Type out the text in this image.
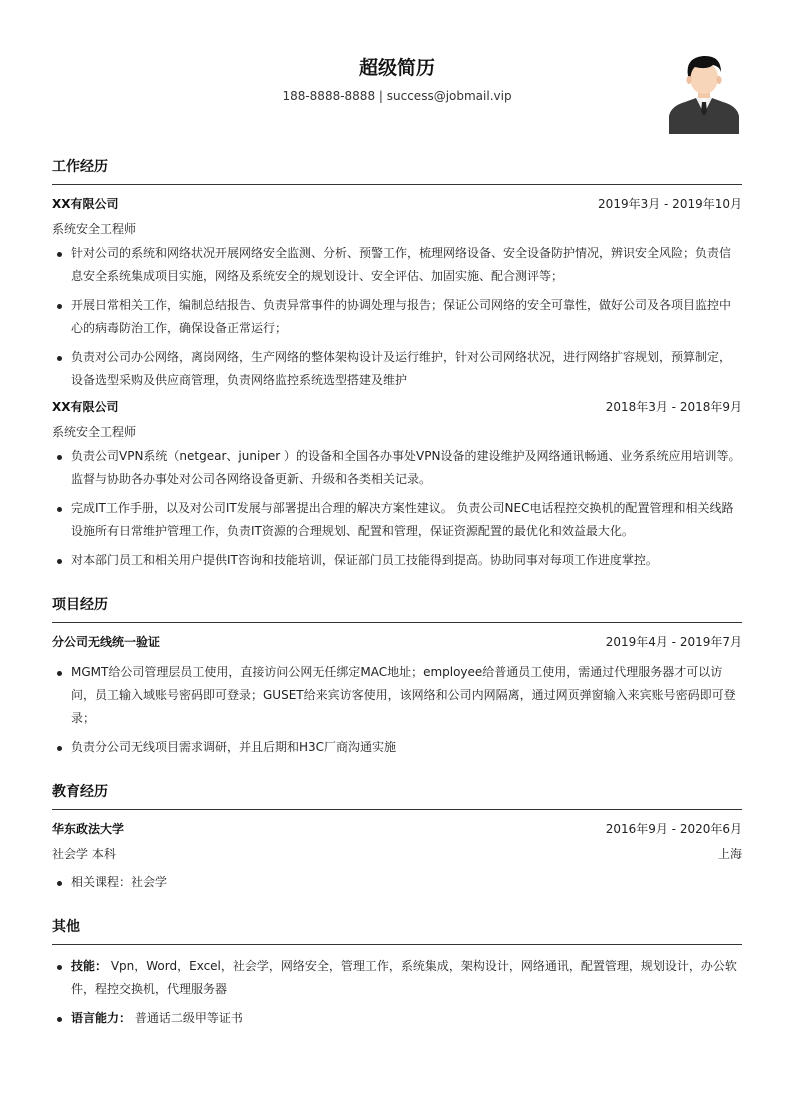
超级简历
188-8888-8888 | success@jobmail.vip
工作经历
XX有限公司	2019年3月 - 2019年10月
系统安全工程师
针对公司的系统和网络状况开展网络安全监测、分析、预警工作，梳理网络设备、安全设备防护情况，辨识安全风险；负责信息安全系统集成项目实施，网络及系统安全的规划设计、安全评估、加固实施、配合测评等；
开展日常相关工作，编制总结报告、负责异常事件的协调处理与报告；保证公司网络的安全可靠性，做好公司及各项目监控中心的病毒防治工作，确保设备正常运行；
负责对公司办公网络，离岗网络，生产网络的整体架构设计及运行维护，针对公司网络状况，进行网络扩容规划，预算制定，设备选型采购及供应商管理，负责网络监控系统选型搭建及维护
XX有限公司	2018年3月 - 2018年9月
系统安全工程师
负责公司VPN系统（netgear、juniper ）的设备和全国各办事处VPN设备的建设维护及网络通讯畅通、业务系统应用培训等。监督与协助各办事处对公司各网络设备更新、升级和各类相关记录。
完成IT工作手册，以及对公司IT发展与部署提出合理的解决方案性建议。 负责公司NEC电话程控交换机的配置管理和相关线路设施所有日常维护管理工作，负责IT资源的合理规划、配置和管理，保证资源配置的最优化和效益最大化。
对本部门员工和相关用户提供IT咨询和技能培训，保证部门员工技能得到提高。协助同事对每项工作进度掌控。
项目经历
分公司无线统一验证	2019年4月 - 2019年7月
MGMT给公司管理层员工使用，直接访问公网无任绑定MAC地址；employee给普通员工使用，需通过代理服务器才可以访问，员工输入域账号密码即可登录；GUSET给来宾访客使用，该网络和公司内网隔离，通过网页弹窗输入来宾账号密码即可登录；
负责分公司无线项目需求调研，并且后期和H3C厂商沟通实施
教育经历
华东政法大学	2016年9月 - 2020年6月
社会学 本科	上海
相关课程：社会学
其他
技能： Vpn，Word，Excel，社会学，网络安全，管理工作，系统集成，架构设计，网络通讯，配置管理，规划设计，办公软件，程控交换机，代理服务器
语言能力： 普通话二级甲等证书
